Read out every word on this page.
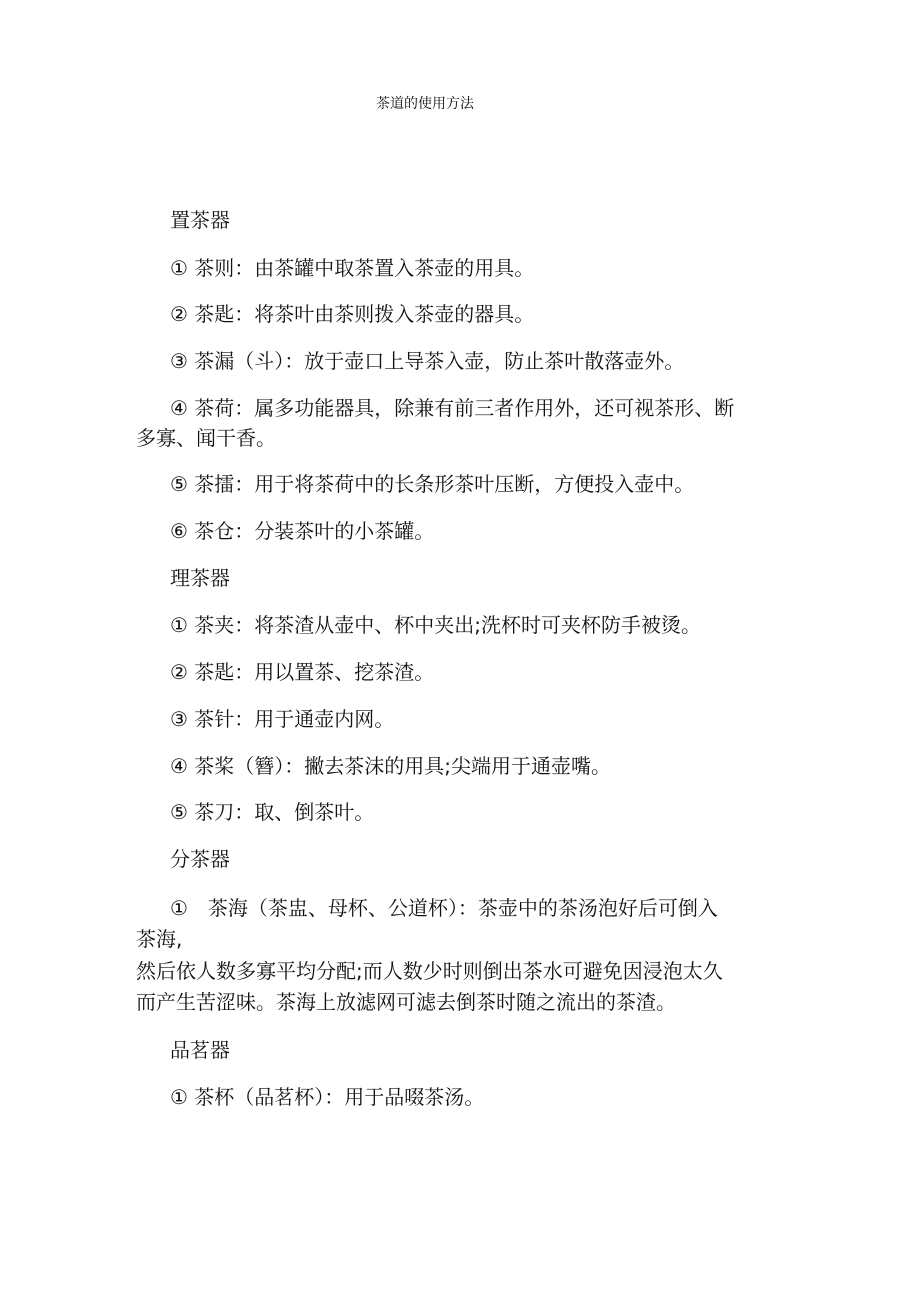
茶道的使用方法
置茶器
① 茶则：由茶罐中取茶置入茶壶的用具。
② 茶匙：将茶叶由茶则拨入茶壶的器具。
③ 茶漏（斗）：放于壶口上导茶入壶，防止茶叶散落壶外。
④ 茶荷：属多功能器具，除兼有前三者作用外，还可视茶形、断
多寡、闻干香。
⑤ 茶擂：用于将茶荷中的长条形茶叶压断，方便投入壶中。
⑥ 茶仓：分装茶叶的小茶罐。
理茶器
① 茶夹：将茶渣从壶中、杯中夹出;洗杯时可夹杯防手被烫。
② 茶匙：用以置茶、挖茶渣。
③ 茶针：用于通壶内网。
④ 茶桨（簪）：撇去茶沫的用具;尖端用于通壶嘴。
⑤ 茶刀：取、倒茶叶。
分茶器
①　茶海（茶盅、母杯、公道杯）：茶壶中的茶汤泡好后可倒入
茶海,
然后依人数多寡平均分配;而人数少时则倒出茶水可避免因浸泡太久
而产生苦涩味。茶海上放滤网可滤去倒茶时随之流出的茶渣。
品茗器
① 茶杯（品茗杯）：用于品啜茶汤。
